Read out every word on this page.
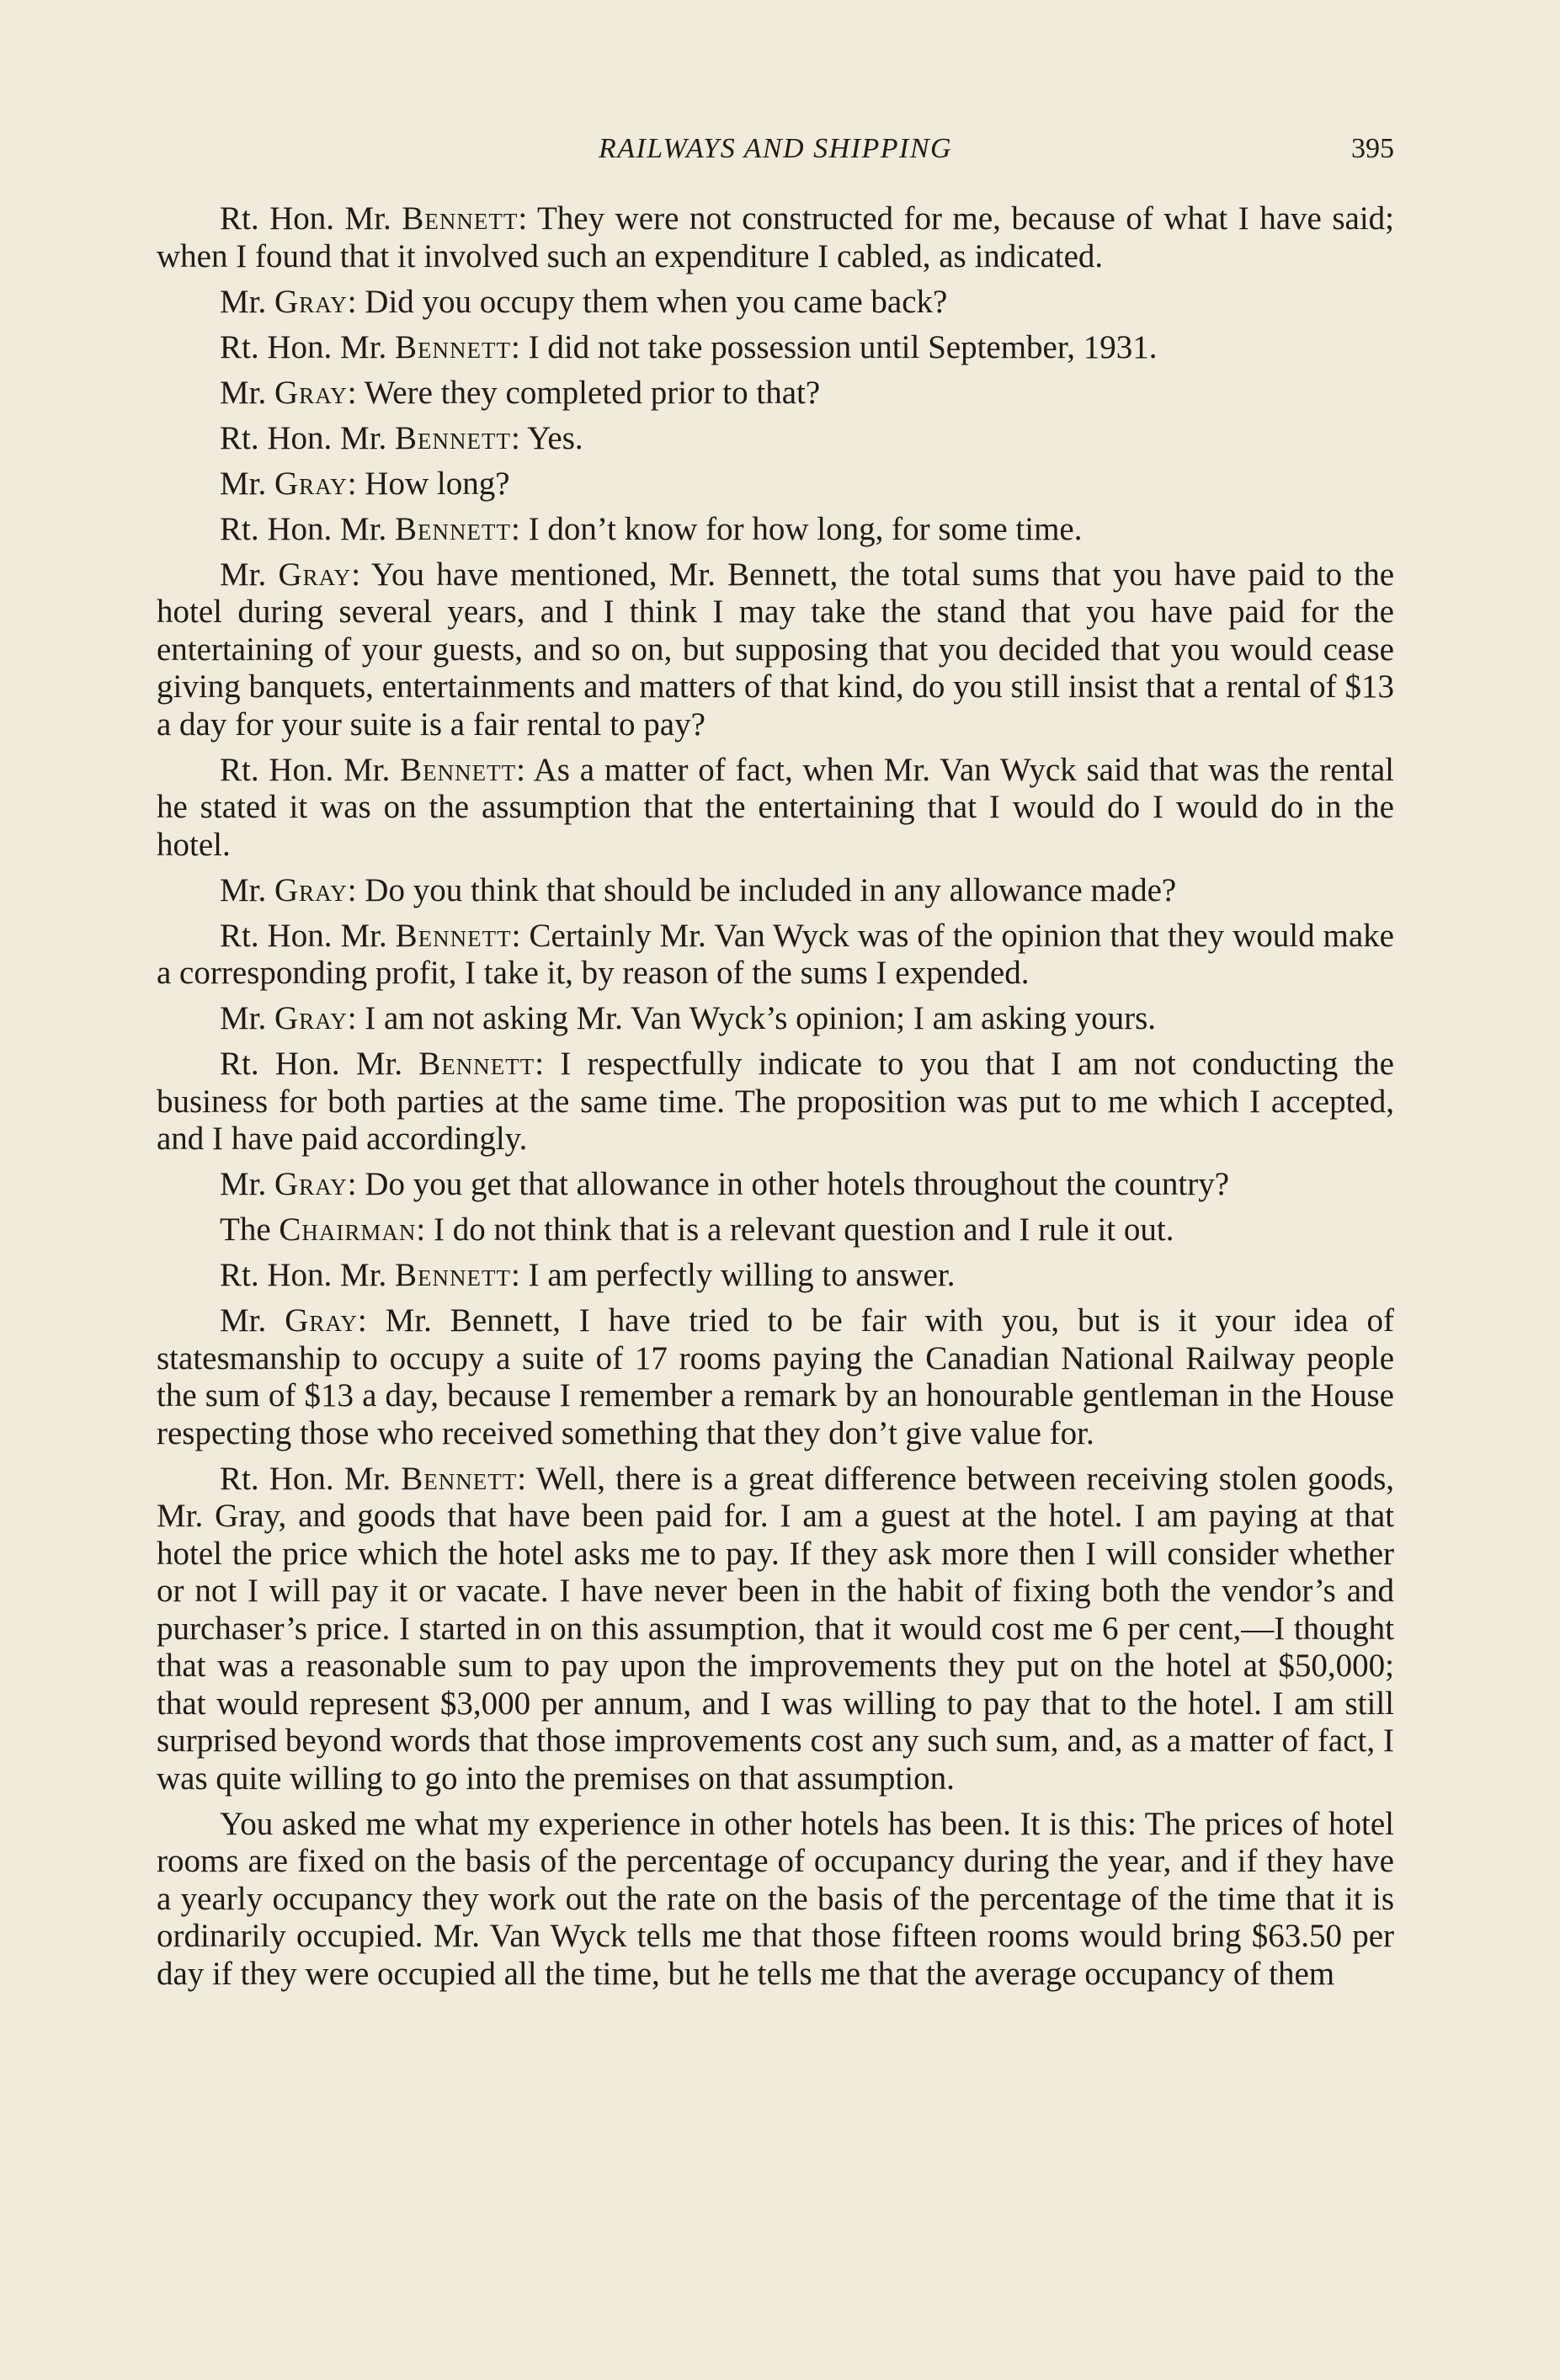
RAILWAYS AND SHIPPING	395

Rt. Hon. Mr. Bennett: They were not constructed for me, because of what I have said; when I found that it involved such an expenditure I cabled, as indicated.

Mr. Gray: Did you occupy them when you came back?

Rt. Hon. Mr. Bennett: I did not take possession until September, 1931.

Mr. Gray: Were they completed prior to that?

Rt. Hon. Mr. Bennett: Yes.

Mr. Gray: How long?

Rt. Hon. Mr. Bennett: I don’t know for how long, for some time.

Mr. Gray: You have mentioned, Mr. Bennett, the total sums that you have paid to the hotel during several years, and I think I may take the stand that you have paid for the entertaining of your guests, and so on, but supposing that you decided that you would cease giving banquets, entertainments and matters of that kind, do you still insist that a rental of $13 a day for your suite is a fair rental to pay?

Rt. Hon. Mr. Bennett: As a matter of fact, when Mr. Van Wyck said that was the rental he stated it was on the assumption that the entertaining that I would do I would do in the hotel.

Mr. Gray: Do you think that should be included in any allowance made?

Rt. Hon. Mr. Bennett: Certainly Mr. Van Wyck was of the opinion that they would make a corresponding profit, I take it, by reason of the sums I expended.

Mr. Gray: I am not asking Mr. Van Wyck’s opinion; I am asking yours.

Rt. Hon. Mr. Bennett: I respectfully indicate to you that I am not conducting the business for both parties at the same time. The proposition was put to me which I accepted, and I have paid accordingly.

Mr. Gray: Do you get that allowance in other hotels throughout the country?

The Chairman: I do not think that is a relevant question and I rule it out.

Rt. Hon. Mr. Bennett: I am perfectly willing to answer.

Mr. Gray: Mr. Bennett, I have tried to be fair with you, but is it your idea of statesmanship to occupy a suite of 17 rooms paying the Canadian National Railway people the sum of $13 a day, because I remember a remark by an honourable gentleman in the House respecting those who received something that they don’t give value for.

Rt. Hon. Mr. Bennett: Well, there is a great difference between receiving stolen goods, Mr. Gray, and goods that have been paid for. I am a guest at the hotel. I am paying at that hotel the price which the hotel asks me to pay. If they ask more then I will consider whether or not I will pay it or vacate. I have never been in the habit of fixing both the vendor’s and purchaser’s price. I started in on this assumption, that it would cost me 6 per cent,—I thought that was a reasonable sum to pay upon the improvements they put on the hotel at $50,000; that would represent $3,000 per annum, and I was willing to pay that to the hotel. I am still surprised beyond words that those improvements cost any such sum, and, as a matter of fact, I was quite willing to go into the premises on that assumption.

You asked me what my experience in other hotels has been. It is this: The prices of hotel rooms are fixed on the basis of the percentage of occupancy during the year, and if they have a yearly occupancy they work out the rate on the basis of the percentage of the time that it is ordinarily occupied. Mr. Van Wyck tells me that those fifteen rooms would bring $63.50 per day if they were occupied all the time, but he tells me that the average occupancy of them
